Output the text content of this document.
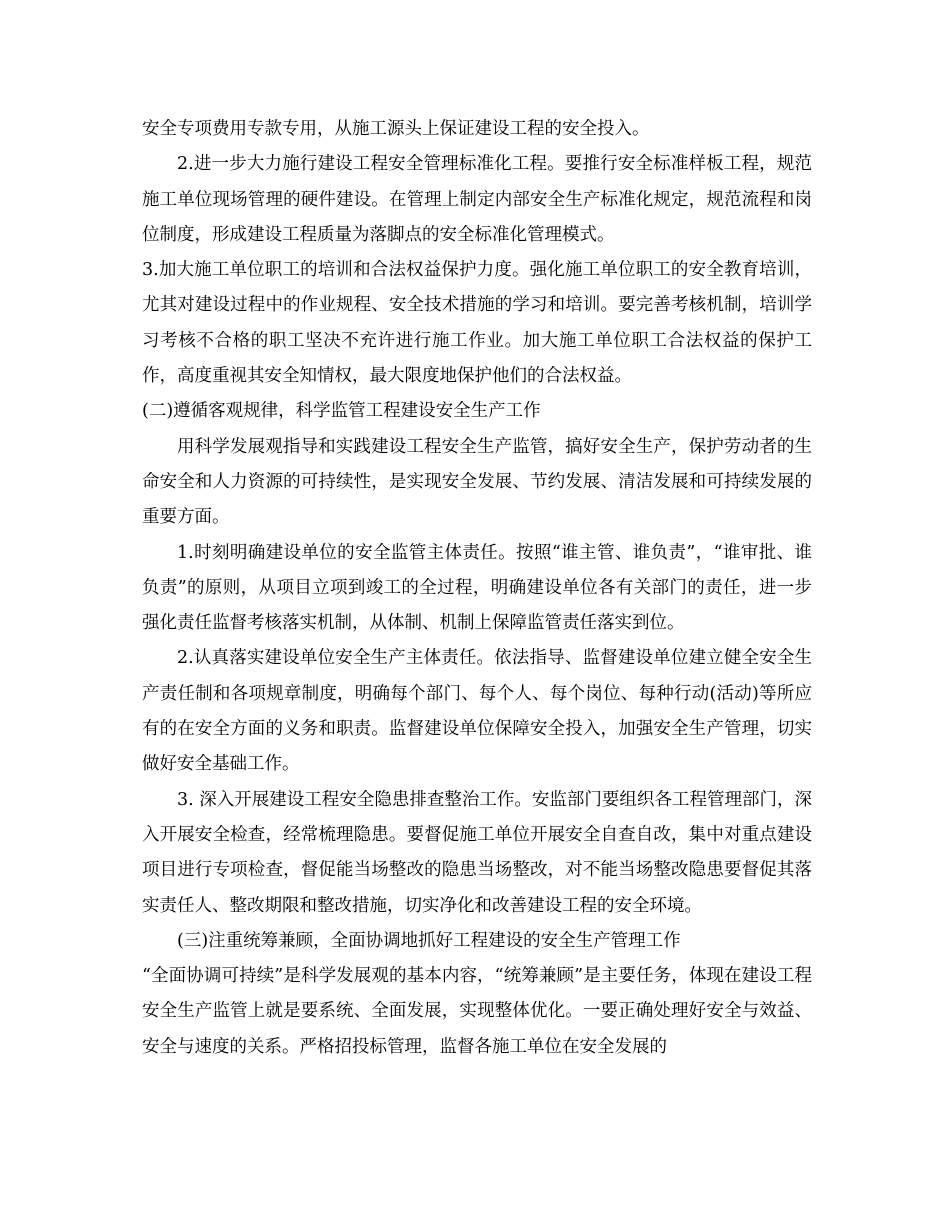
安全专项费用专款专用，从施工源头上保证建设工程的安全投入。

2.进一步大力施行建设工程安全管理标准化工程。要推行安全标准样板工程，规范施工单位现场管理的硬件建设。在管理上制定内部安全生产标准化规定，规范流程和岗位制度，形成建设工程质量为落脚点的安全标准化管理模式。

3.加大施工单位职工的培训和合法权益保护力度。强化施工单位职工的安全教育培训，尤其对建设过程中的作业规程、安全技术措施的学习和培训。要完善考核机制，培训学习考核不合格的职工坚决不充许进行施工作业。加大施工单位职工合法权益的保护工作，高度重视其安全知情权，最大限度地保护他们的合法权益。

(二)遵循客观规律，科学监管工程建设安全生产工作

用科学发展观指导和实践建设工程安全生产监管，搞好安全生产，保护劳动者的生命安全和人力资源的可持续性，是实现安全发展、节约发展、清洁发展和可持续发展的重要方面。

1.时刻明确建设单位的安全监管主体责任。按照“谁主管、谁负责”，“谁审批、谁负责”的原则，从项目立项到竣工的全过程，明确建设单位各有关部门的责任，进一步强化责任监督考核落实机制，从体制、机制上保障监管责任落实到位。

2.认真落实建设单位安全生产主体责任。依法指导、监督建设单位建立健全安全生产责任制和各项规章制度，明确每个部门、每个人、每个岗位、每种行动(活动)等所应有的在安全方面的义务和职责。监督建设单位保障安全投入，加强安全生产管理，切实做好安全基础工作。

3. 深入开展建设工程安全隐患排查整治工作。安监部门要组织各工程管理部门，深入开展安全检查，经常梳理隐患。要督促施工单位开展安全自查自改，集中对重点建设项目进行专项检查，督促能当场整改的隐患当场整改，对不能当场整改隐患要督促其落实责任人、整改期限和整改措施，切实净化和改善建设工程的安全环境。

(三)注重统筹兼顾，全面协调地抓好工程建设的安全生产管理工作

“全面协调可持续”是科学发展观的基本内容，“统筹兼顾”是主要任务，体现在建设工程安全生产监管上就是要系统、全面发展，实现整体优化。一要正确处理好安全与效益、安全与速度的关系。严格招投标管理，监督各施工单位在安全发展的
